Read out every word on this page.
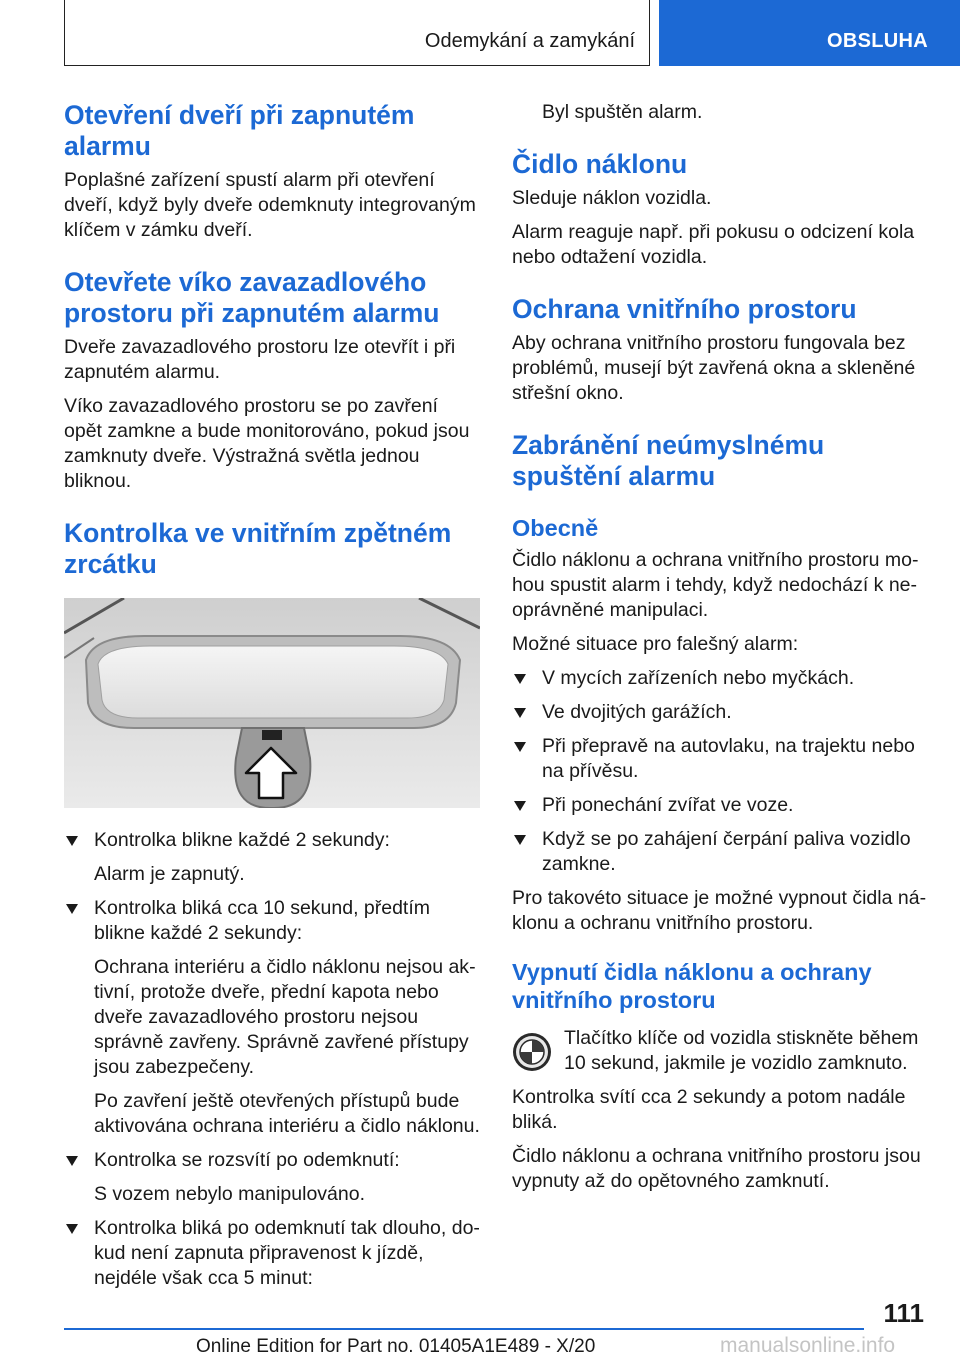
Odemykání a zamykání	OBSLUHA
Otevření dveří při zapnutém alarmu

Poplašné zařízení spustí alarm při otevření dveří, když byly dveře odemknuty integrovaným klíčem v zámku dveří.

Otevřete víko zavazadlového prostoru při zapnutém alarmu

Dveře zavazadlového prostoru lze otevřít i při zapnutém alarmu.

Víko zavazadlového prostoru se po zavření opět zamkne a bude monitorováno, pokud jsou zamknuty dveře. Výstražná světla jednou bliknou.

Kontrolka ve vnitřním zpětném zrcátku
Kontrolka blikne každé 2 sekundy:

Alarm je zapnutý.

Kontrolka bliká cca 10 sekund, předtím blikne každé 2 sekundy:

Ochrana interiéru a čidlo náklonu nejsou aktivní, protože dveře, přední kapota nebo dveře zavazadlového prostoru nejsou správně zavřeny. Správně zavřené přístupy jsou zabezpečeny.

Po zavření ještě otevřených přístupů bude aktivována ochrana interiéru a čidlo náklonu.

Kontrolka se rozsvítí po odemknutí:

S vozem nebylo manipulováno.

Kontrolka bliká po odemknutí tak dlouho, dokud není zapnuta připravenost k jízdě, nejdéle však cca 5 minut:

Byl spuštěn alarm.

Čidlo náklonu

Sleduje náklon vozidla.

Alarm reaguje např. při pokusu o odcizení kola nebo odtažení vozidla.

Ochrana vnitřního prostoru

Aby ochrana vnitřního prostoru fungovala bez problémů, musejí být zavřená okna a skleněné střešní okno.

Zabránění neúmyslnému spuštění alarmu
Obecně

Čidlo náklonu a ochrana vnitřního prostoru mohou spustit alarm i tehdy, když nedochází k neoprávněné manipulaci.

Možné situace pro falešný alarm:

V mycích zařízeních nebo myčkách.
Ve dvojitých garážích.
Při přepravě na autovlaku, na trajektu nebo na přívěsu.
Při ponechání zvířat ve voze.
Když se po zahájení čerpání paliva vozidlo zamkne.

Pro takovéto situace je možné vypnout čidla náklonu a ochranu vnitřního prostoru.

Vypnutí čidla náklonu a ochrany vnitřního prostoru

Tlačítko klíče od vozidla stiskněte během 10 sekund, jakmile je vozidlo zamknuto.

Kontrolka svítí cca 2 sekundy a potom nadále bliká.

Čidlo náklonu a ochrana vnitřního prostoru jsou vypnuty až do opětovného zamknutí.

111
Online Edition for Part no. 01405A1E489 - X/20	manualsonline.info
